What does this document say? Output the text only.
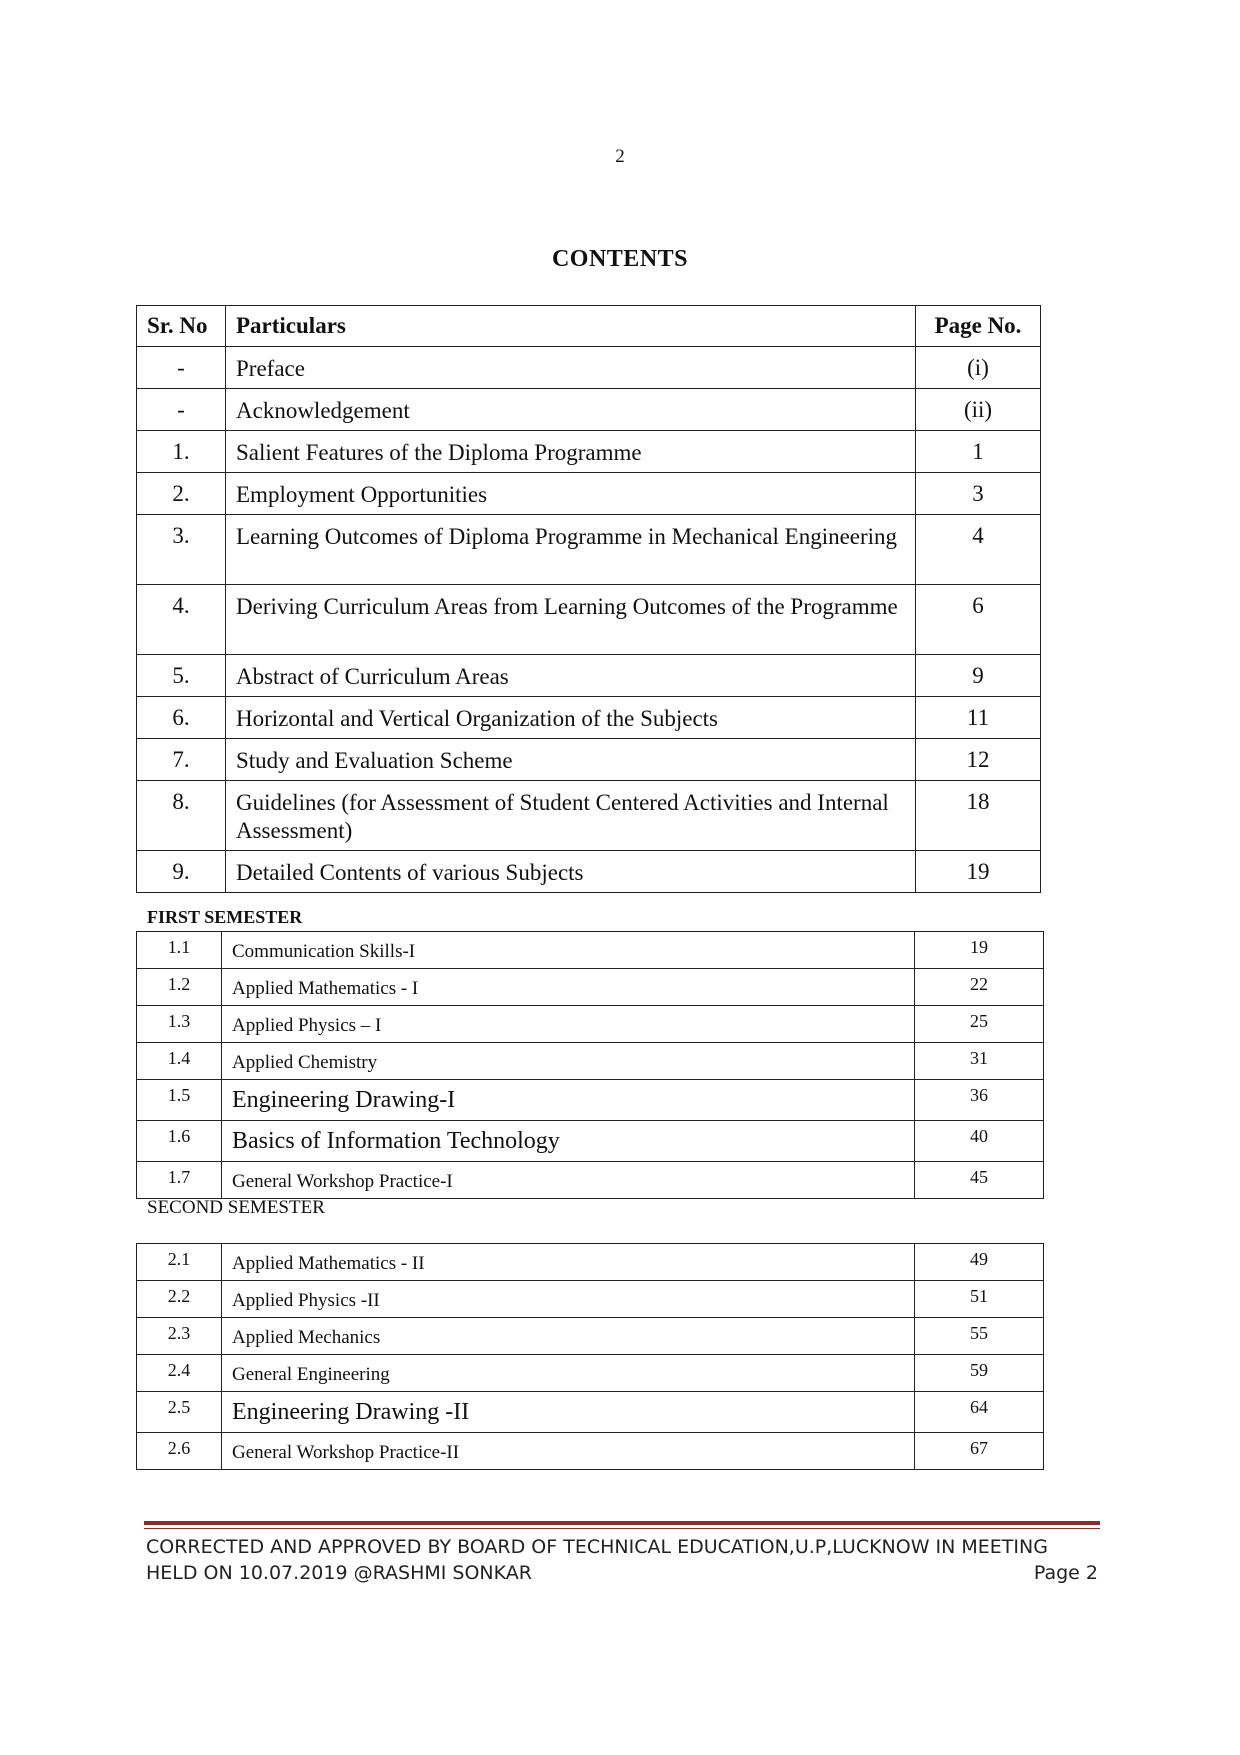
2
CONTENTS
Sr. No	Particulars	Page No.
-	Preface	(i)
-	Acknowledgement	(ii)
1.	Salient Features of the Diploma Programme	1
2.	Employment Opportunities	3
3.	Learning Outcomes of Diploma Programme in Mechanical Engineering	4
4.	Deriving Curriculum Areas from Learning Outcomes of the Programme	6
5.	Abstract of Curriculum Areas	9
6.	Horizontal and Vertical Organization of the Subjects	11
7.	Study and Evaluation Scheme	12
8.	Guidelines (for Assessment of Student Centered Activities and Internal Assessment)	18
9.	Detailed Contents of various Subjects	19
FIRST SEMESTER
1.1	Communication Skills-I	19
1.2	Applied Mathematics - I	22
1.3	Applied Physics – I	25
1.4	Applied Chemistry	31
1.5	Engineering Drawing-I	36
1.6	Basics of Information Technology	40
1.7	General Workshop Practice-I	45
SECOND SEMESTER
2.1	Applied Mathematics - II	49
2.2	Applied Physics -II	51
2.3	Applied Mechanics	55
2.4	General Engineering	59
2.5	Engineering Drawing -II	64
2.6	General Workshop Practice-II	67
CORRECTED AND APPROVED BY BOARD OF TECHNICAL EDUCATION,U.P,LUCKNOW IN MEETING
HELD ON 10.07.2019 @RASHMI SONKAR	Page 2
